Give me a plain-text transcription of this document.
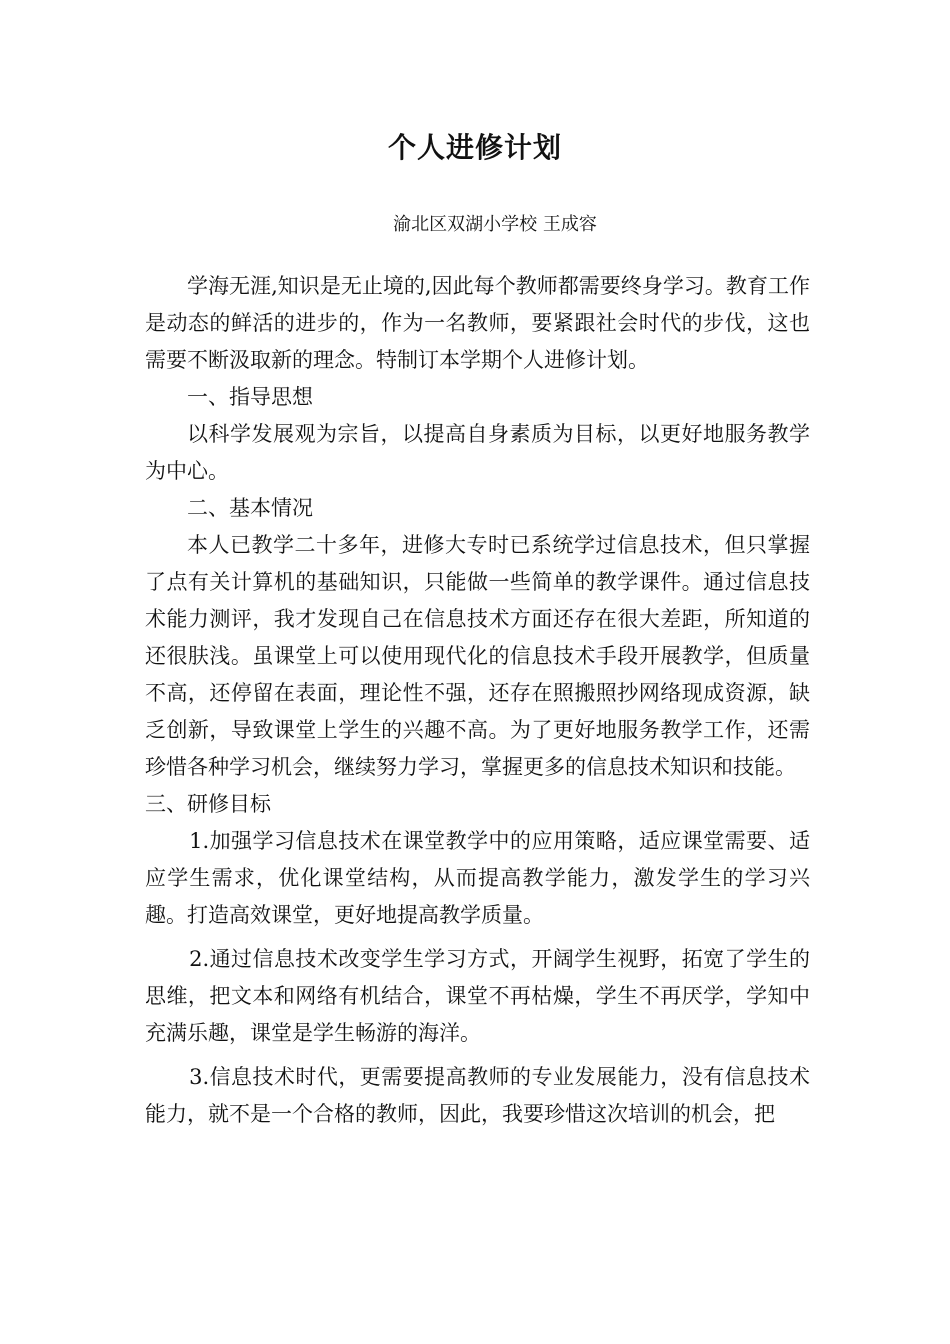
个人进修计划
渝北区双湖小学校 王成容

学海无涯,知识是无止境的,因此每个教师都需要终身学习。教育工作是动态的鲜活的进步的，作为一名教师，要紧跟社会时代的步伐，这也需要不断汲取新的理念。特制订本学期个人进修计划。

一、指导思想

以科学发展观为宗旨，以提高自身素质为目标，以更好地服务教学为中心。

二、基本情况

本人已教学二十多年，进修大专时已系统学过信息技术，但只掌握了点有关计算机的基础知识，只能做一些简单的教学课件。通过信息技术能力测评，我才发现自己在信息技术方面还存在很大差距，所知道的还很肤浅。虽课堂上可以使用现代化的信息技术手段开展教学，但质量不高，还停留在表面，理论性不强，还存在照搬照抄网络现成资源，缺乏创新，导致课堂上学生的兴趣不高。为了更好地服务教学工作，还需珍惜各种学习机会，继续努力学习，掌握更多的信息技术知识和技能。

三、研修目标

1.加强学习信息技术在课堂教学中的应用策略，适应课堂需要、适应学生需求，优化课堂结构，从而提高教学能力，激发学生的学习兴趣。打造高效课堂，更好地提高教学质量。

2.通过信息技术改变学生学习方式，开阔学生视野，拓宽了学生的思维，把文本和网络有机结合，课堂不再枯燥，学生不再厌学，学知中充满乐趣，课堂是学生畅游的海洋。

3.信息技术时代，更需要提高教师的专业发展能力，没有信息技术能力，就不是一个合格的教师，因此，我要珍惜这次培训的机会，把
